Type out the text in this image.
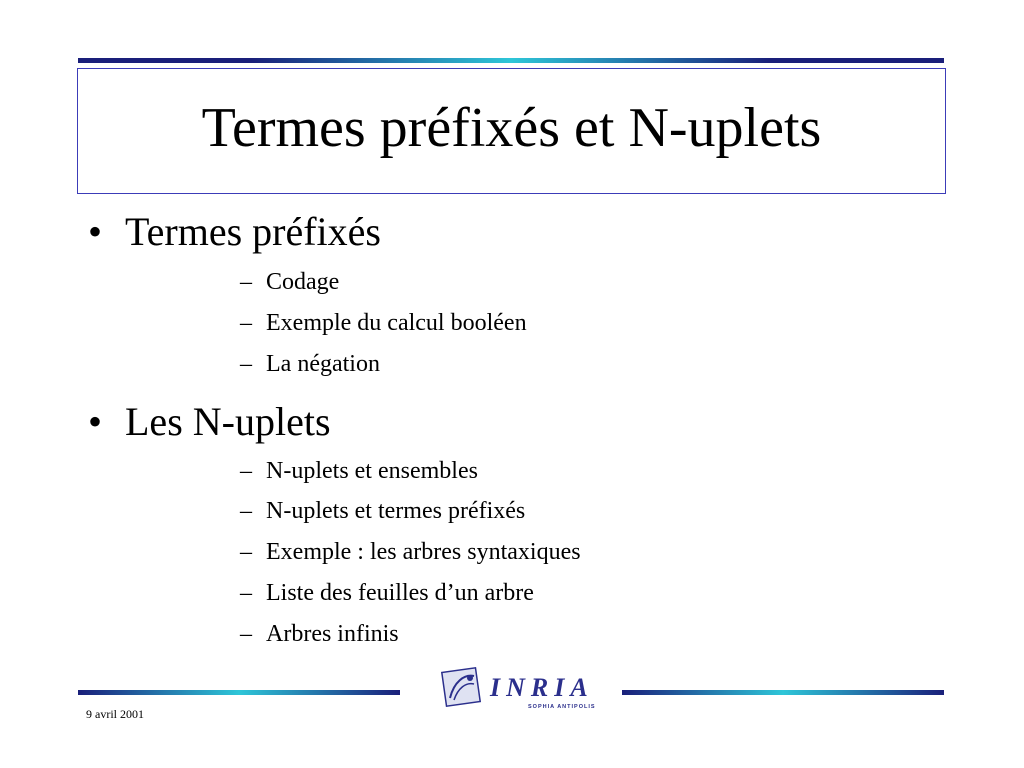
Termes préfixés et N-uplets
• Termes préfixés
– Codage
– Exemple du calcul booléen
– La négation
• Les N-uplets
– N-uplets et ensembles
– N-uplets et termes préfixés
– Exemple : les arbres syntaxiques
– Liste des feuilles d’un arbre
– Arbres infinis
INRIA
SOPHIA ANTIPOLIS
9 avril 2001
